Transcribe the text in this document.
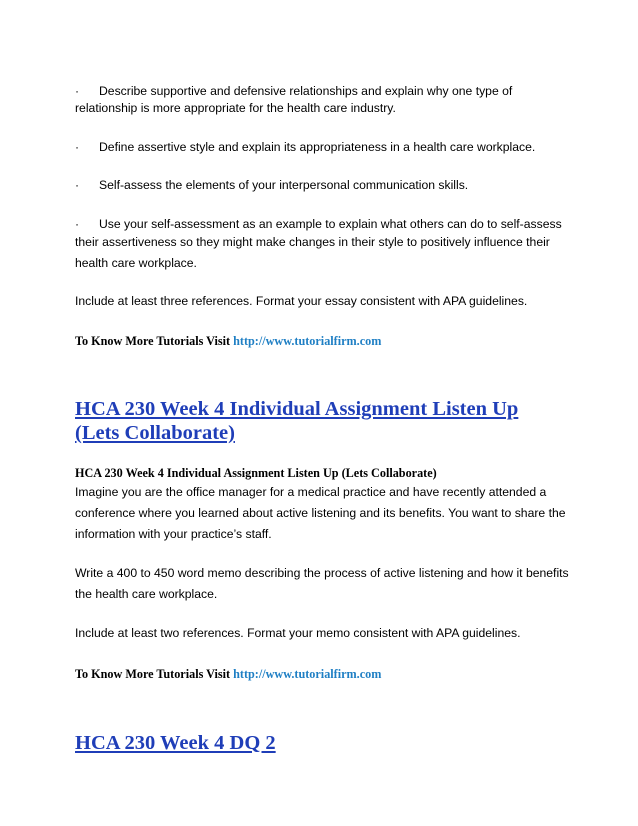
· Describe supportive and defensive relationships and explain why one type of
relationship is more appropriate for the health care industry.
· Define assertive style and explain its appropriateness in a health care workplace.
· Self-assess the elements of your interpersonal communication skills.
· Use your self-assessment as an example to explain what others can do to self-assess
their assertiveness so they might make changes in their style to positively influence their
health care workplace.
Include at least three references. Format your essay consistent with APA guidelines.
To Know More Tutorials Visit http://www.tutorialfirm.com
HCA 230 Week 4 Individual Assignment Listen Up
(Lets Collaborate)
HCA 230 Week 4 Individual Assignment Listen Up (Lets Collaborate)
Imagine you are the office manager for a medical practice and have recently attended a
conference where you learned about active listening and its benefits. You want to share the
information with your practice’s staff.
Write a 400 to 450 word memo describing the process of active listening and how it benefits
the health care workplace.
Include at least two references. Format your memo consistent with APA guidelines.
To Know More Tutorials Visit http://www.tutorialfirm.com
HCA 230 Week 4 DQ 2
